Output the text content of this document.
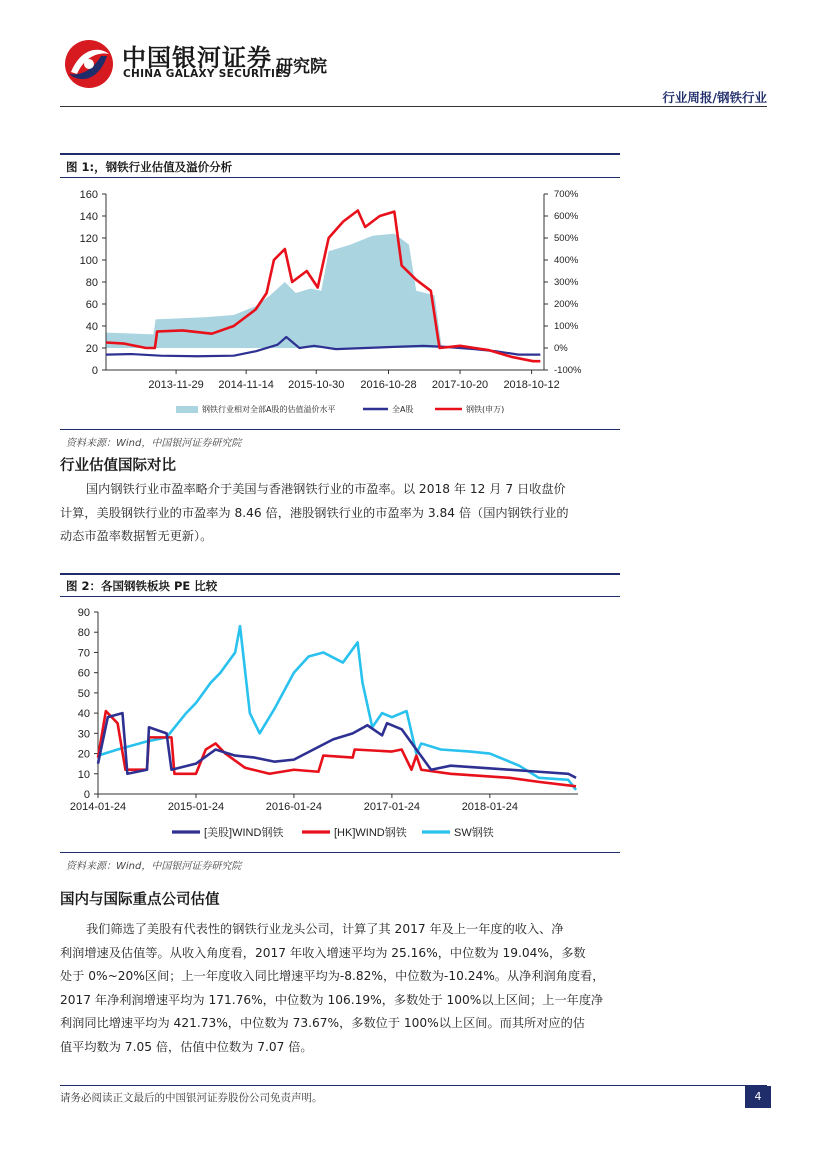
中国银河证券
CHINA GALAXY SECURITIES
研究院
行业周报/钢铁行业
图 1:，钢铁行业估值及溢价分析
0
20
40
60
80
100
120
140
160
-100%
0%
100%
200%
300%
400%
500%
600%
700%
2013-11-29 2014-11-14 2015-10-30 2016-10-28 2017-10-20 2018-10-12
钢铁行业相对全部A股的估值溢价水平	全A股	钢铁(申万)
资料来源：Wind，中国银河证券研究院
行业估值国际对比
国内钢铁行业市盈率略介于美国与香港钢铁行业的市盈率。以 2018 年 12 月 7 日收盘价
计算，美股钢铁行业的市盈率为 8.46 倍，港股钢铁行业的市盈率为 3.84 倍（国内钢铁行业的
动态市盈率数据暂无更新）。
图 2：各国钢铁板块 PE 比较
0
10
20
30
40
50
60
70
80
90
2014-01-24	2015-01-24	2016-01-24	2017-01-24	2018-01-24
[美股]WIND钢铁	[HK]WIND钢铁	SW钢铁
资料来源：Wind，中国银河证券研究院
国内与国际重点公司估值
我们筛选了美股有代表性的钢铁行业龙头公司，计算了其 2017 年及上一年度的收入、净
利润增速及估值等。从收入角度看，2017 年收入增速平均为 25.16%，中位数为 19.04%，多数
处于 0%~20%区间；上一年度收入同比增速平均为-8.82%，中位数为-10.24%。从净利润角度看，
2017 年净利润增速平均为 171.76%，中位数为 106.19%，多数处于 100%以上区间；上一年度净
利润同比增速平均为 421.73%，中位数为 73.67%，多数位于 100%以上区间。而其所对应的估
值平均数为 7.05 倍，估值中位数为 7.07 倍。
请务必阅读正文最后的中国银河证券股份公司免责声明。	4
